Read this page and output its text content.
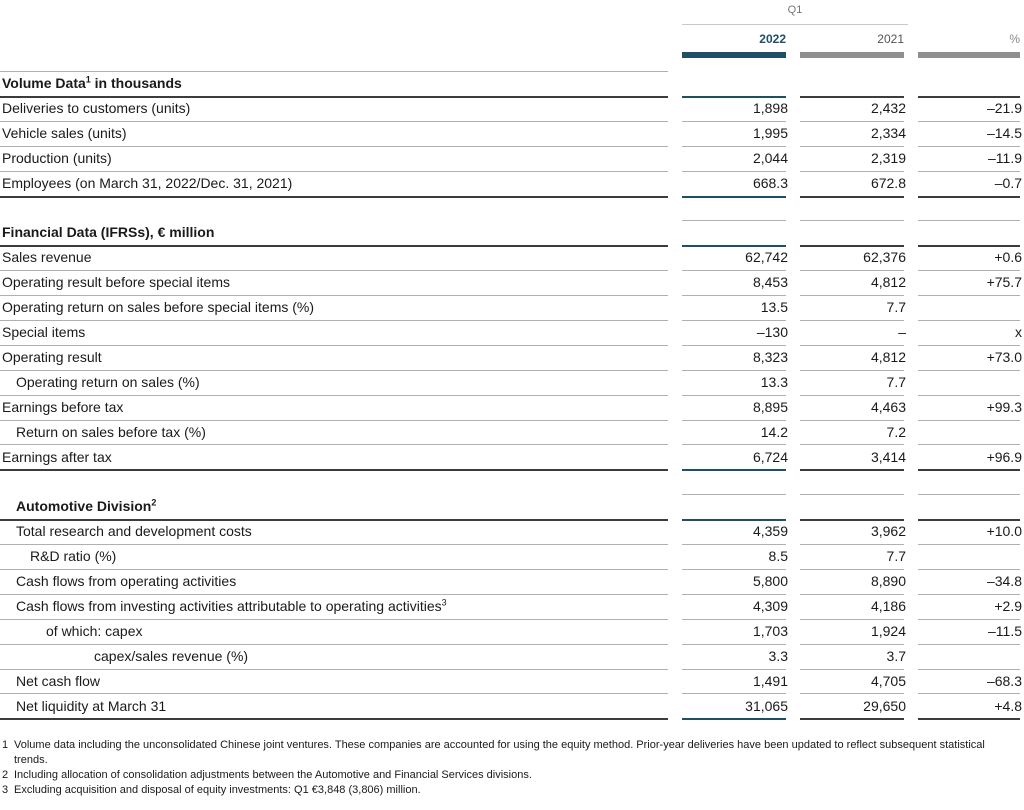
Q1
2022	2021	%
Volume Data$^1$ in thousands
Deliveries to customers (units)	1,898	2,432	–21.9
Vehicle sales (units)	1,995	2,334	–14.5
Production (units)	2,044	2,319	–11.9
Employees (on March 31, 2022/Dec. 31, 2021)	668.3	672.8	–0.7
Financial Data (IFRSs), € million
Sales revenue	62,742	62,376	+0.6
Operating result before special items	8,453	4,812	+75.7
Operating return on sales before special items (%)	13.5	7.7
Special items	–130	–	x
Operating result	8,323	4,812	+73.0
Operating return on sales (%)	13.3	7.7
Earnings before tax	8,895	4,463	+99.3
Return on sales before tax (%)	14.2	7.2
Earnings after tax	6,724	3,414	+96.9
Automotive Division$^2$
Total research and development costs	4,359	3,962	+10.0
R&D ratio (%)	8.5	7.7
Cash flows from operating activities	5,800	8,890	–34.8
Cash flows from investing activities attributable to operating activities$^3$	4,309	4,186	+2.9
of which: capex	1,703	1,924	–11.5
capex/sales revenue (%)	3.3	3.7
Net cash flow	1,491	4,705	–68.3
Net liquidity at March 31	31,065	29,650	+4.8
1 Volume data including the unconsolidated Chinese joint ventures. These companies are accounted for using the equity method. Prior-year deliveries have been updated to reflect subsequent statistical trends.
2 Including allocation of consolidation adjustments between the Automotive and Financial Services divisions.
3 Excluding acquisition and disposal of equity investments: Q1 €3,848 (3,806) million.
